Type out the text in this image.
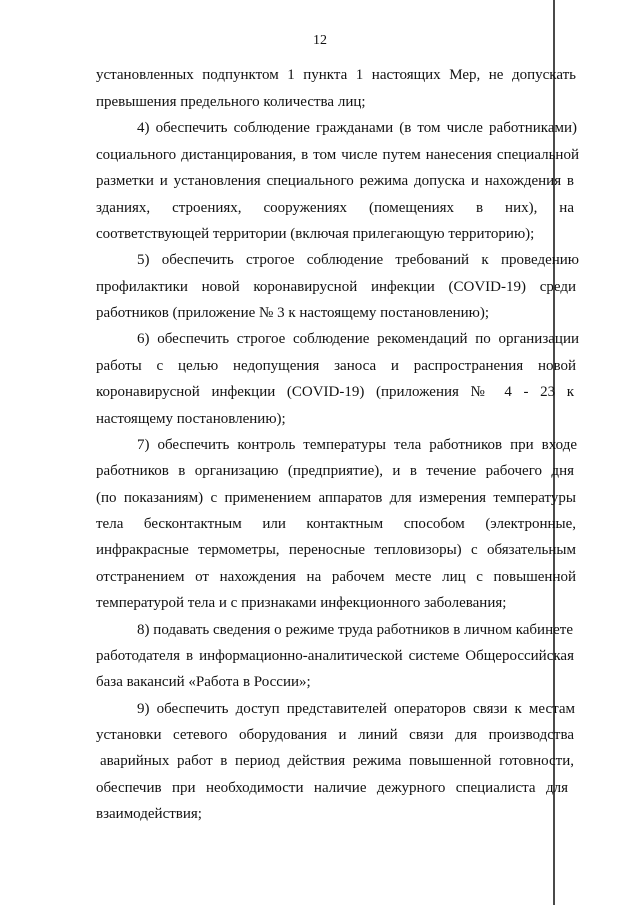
12
установленных подпунктом 1 пункта 1 настоящих Мер, не допускать
превышения предельного количества лиц;
4) обеспечить соблюдение гражданами (в том числе работниками)
социального дистанцирования, в том числе путем нанесения специальной
разметки и установления специального режима допуска и нахождения в
зданиях, строениях, сооружениях (помещениях в них), на
соответствующей территории (включая прилегающую территорию);
5) обеспечить строгое соблюдение требований к проведению
профилактики новой коронавирусной инфекции (COVID-19) среди
работников (приложение № 3 к настоящему постановлению);
6) обеспечить строгое соблюдение рекомендаций по организации
работы с целью недопущения заноса и распространения новой
коронавирусной инфекции (COVID-19) (приложения № 4 - 23 к
настоящему постановлению);
7) обеспечить контроль температуры тела работников при входе
работников в организацию (предприятие), и в течение рабочего дня
(по показаниям) с применением аппаратов для измерения температуры
тела бесконтактным или контактным способом (электронные,
инфракрасные термометры, переносные тепловизоры) с обязательным
отстранением от нахождения на рабочем месте лиц с повышенной
температурой тела и с признаками инфекционного заболевания;
8) подавать сведения о режиме труда работников в личном кабинете
работодателя в информационно-аналитической системе Общероссийская
база вакансий «Работа в России»;
9) обеспечить доступ представителей операторов связи к местам
установки сетевого оборудования и линий связи для производства
аварийных работ в период действия режима повышенной готовности,
обеспечив при необходимости наличие дежурного специалиста для
взаимодействия;
